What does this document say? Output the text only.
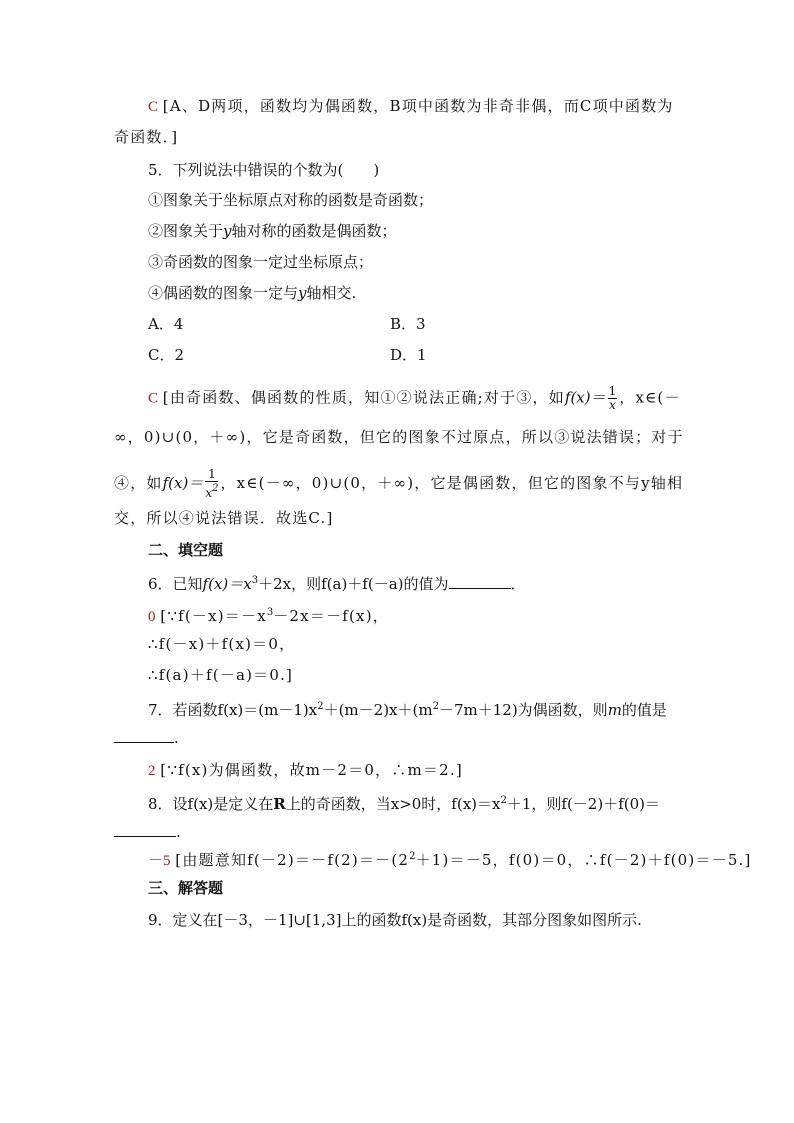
C [A、D两项，函数均为偶函数，B项中函数为非奇非偶，而C项中函数为
奇函数．]
5．下列说法中错误的个数为(　　)
①图象关于坐标原点对称的函数是奇函数；
②图象关于y轴对称的函数是偶函数；
③奇函数的图象一定过坐标原点；
④偶函数的图象一定与y轴相交.
A．4	B．3
C．2	D．1
C [由奇函数、偶函数的性质，知①②说法正确;对于③，如$f(x)= \frac{1}{x}$ ，x∈(－
∞，0)∪(0，＋∞)，它是奇函数，但它的图象不过原点，所以③说法错误；对于
④，如$f(x)= \frac{1}{x^2}$ ，x∈(－∞，0)∪(0，＋∞)，它是偶函数，但它的图象不与y轴相
交，所以④说法错误．故选C.]
二、填空题
6．已知$f(x)=x^3+2x$，则f(a)＋f(－a)的值为	．
0 [$\because f(-x)=-x^3-2x=-f(x)$，
∴f(－x)＋f(x)＝0，
∴f(a)＋f(－a)＝0.]
7．若函数$f(x)=(m-1)x^2+(m-2)x+(m^2-7m+12)$为偶函数，则m的值是
.
2 [∵f(x)为偶函数，故m－2＝0，∴m＝2.]
8．设f(x)是定义在R上的奇函数，当x>0时，$f(x)=x^2+1$，则f(－2)＋f(0)＝
.
－5 [由题意知$f(-2)=-f(2)=-(2^2+1)=-5$，f(0)＝0，∴f(－2)＋f(0)＝－5.]
三、解答题
9．定义在[－3，－1]∪[1,3]上的函数f(x)是奇函数，其部分图象如图所示.
